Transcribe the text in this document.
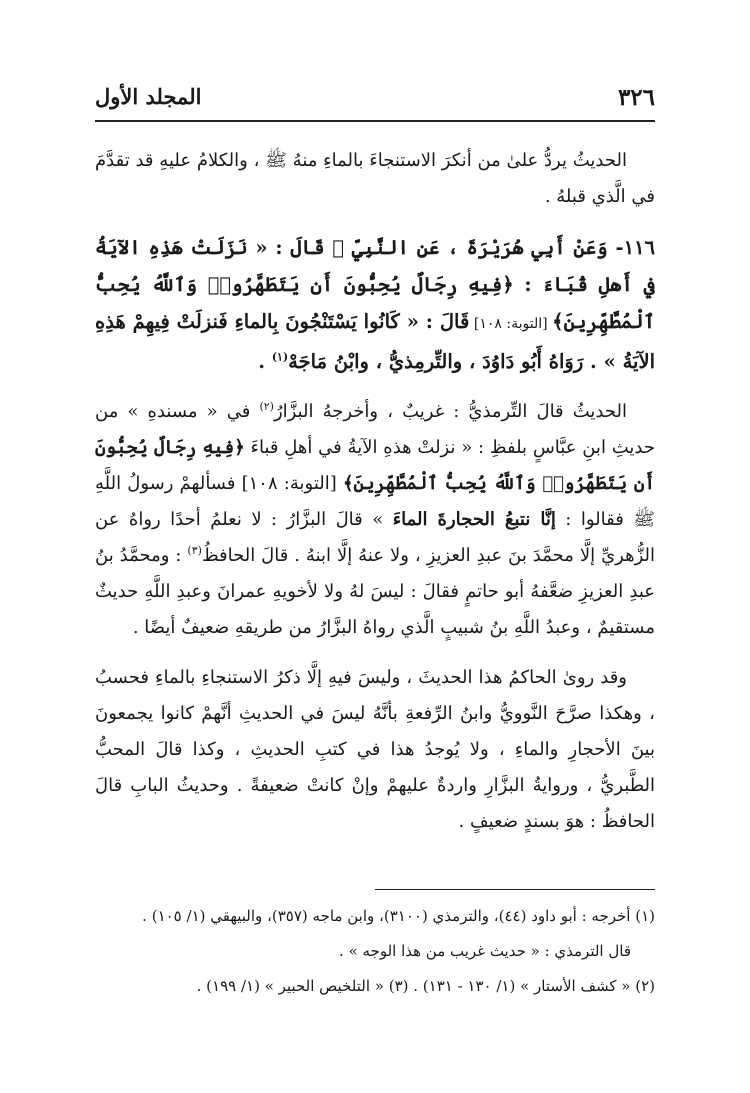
٣٢٦
المجلد الأول

الحديثُ يردُّ علىٰ من أنكرَ الاستنجاءَ بالماءِ منهُ ﷺ ، والكلامُ عليهِ قد تقدَّمَ في الَّذي قبلهُ .

١١٦- وَعَنْ أَبِي هُرَيْرَةَ ، عَنِ النَّبِيِّ ﷺ قَالَ : « نَزَلَتْ هَذِهِ الآيَةُ في أَهلِ قُبَاءَ : ﴿فِيهِ رِجَالٌ يُحِبُّونَ أَن يَتَطَهَّرُوا۟ وَٱللَّهُ يُحِبُّ ٱلْمُطَّهِّرِينَ﴾ [التوبة: ١٠٨] قَالَ : « كَانُوا يَسْتَنْجُونَ بِالماءِ فَنزلَتْ فِيهِمْ هَذِهِ الآيَةُ » . رَوَاهُ أَبُو دَاوُدَ ، والتِّرمِذيُّ ، وابْنُ مَاجَهْ$^{(١)}$ .

الحديثُ قالَ التِّرمذيُّ : غريبٌ ، وأخرجهُ البزَّارُ$^{(٢)}$ في « مسندهِ » من حديثِ ابنِ عبَّاسٍ بلفظِ : « نزلتْ هذهِ الآيةُ في أهلِ قباءَ ﴿فِيهِ رِجَالٌ يُحِبُّونَ أَن يَتَطَهَّرُوا۟ وَٱللَّهُ يُحِبُّ ٱلْمُطَّهِّرِينَ﴾ [التوبة: ١٠٨] فسألهمْ رسولُ اللَّهِ ﷺ فقالوا : إنَّا نتبعُ الحجارةَ الماءَ » قالَ البزَّارُ : لا نعلمُ أحدًا رواهُ عن الزُّهريِّ إلَّا محمَّدَ بنَ عبدِ العزيزِ ، ولا عنهُ إلَّا ابنهُ . قالَ الحافظُ$^{(٣)}$ : ومحمَّدُ بنُ عبدِ العزيزِ ضعَّفهُ أبو حاتمٍ فقالَ : ليسَ لهُ ولا لأخويهِ عمرانَ وعبدِ اللَّهِ حديثٌ مستقيمٌ ، وعبدُ اللَّهِ بنُ شبيبٍ الَّذي رواهُ البزَّارُ من طريقهِ ضعيفٌ أيضًا .

وقد روىٰ الحاكمُ هذا الحديثَ ، وليسَ فيهِ إلَّا ذكرُ الاستنجاءِ بالماءِ فحسبُ ، وهكذا صرَّحَ النَّوويُّ وابنُ الرِّفعةِ بأنَّهُ ليسَ في الحديثِ أنَّهمْ كانوا يجمعونَ بينَ الأحجارِ والماءِ ، ولا يُوجدُ هذا في كتبِ الحديثِ ، وكذا قالَ المحبُّ الطَّبريُّ ، وروايةُ البزَّارِ واردةٌ عليهمْ وإنْ كانتْ ضعيفةً . وحديثُ البابِ قالَ الحافظُ : هوَ بسندٍ ضعيفٍ .

(١) أخرجه : أبو داود (٤٤)، والترمذي (٣١٠٠)، وابن ماجه (٣٥٧)، والبيهقي (١/ ١٠٥) .

قال الترمذي : « حديث غريب من هذا الوجه » .

(٢) « كشف الأستار » (١/ ١٣٠ - ١٣١) . (٣) « التلخيص الحبير » (١/ ١٩٩) .
